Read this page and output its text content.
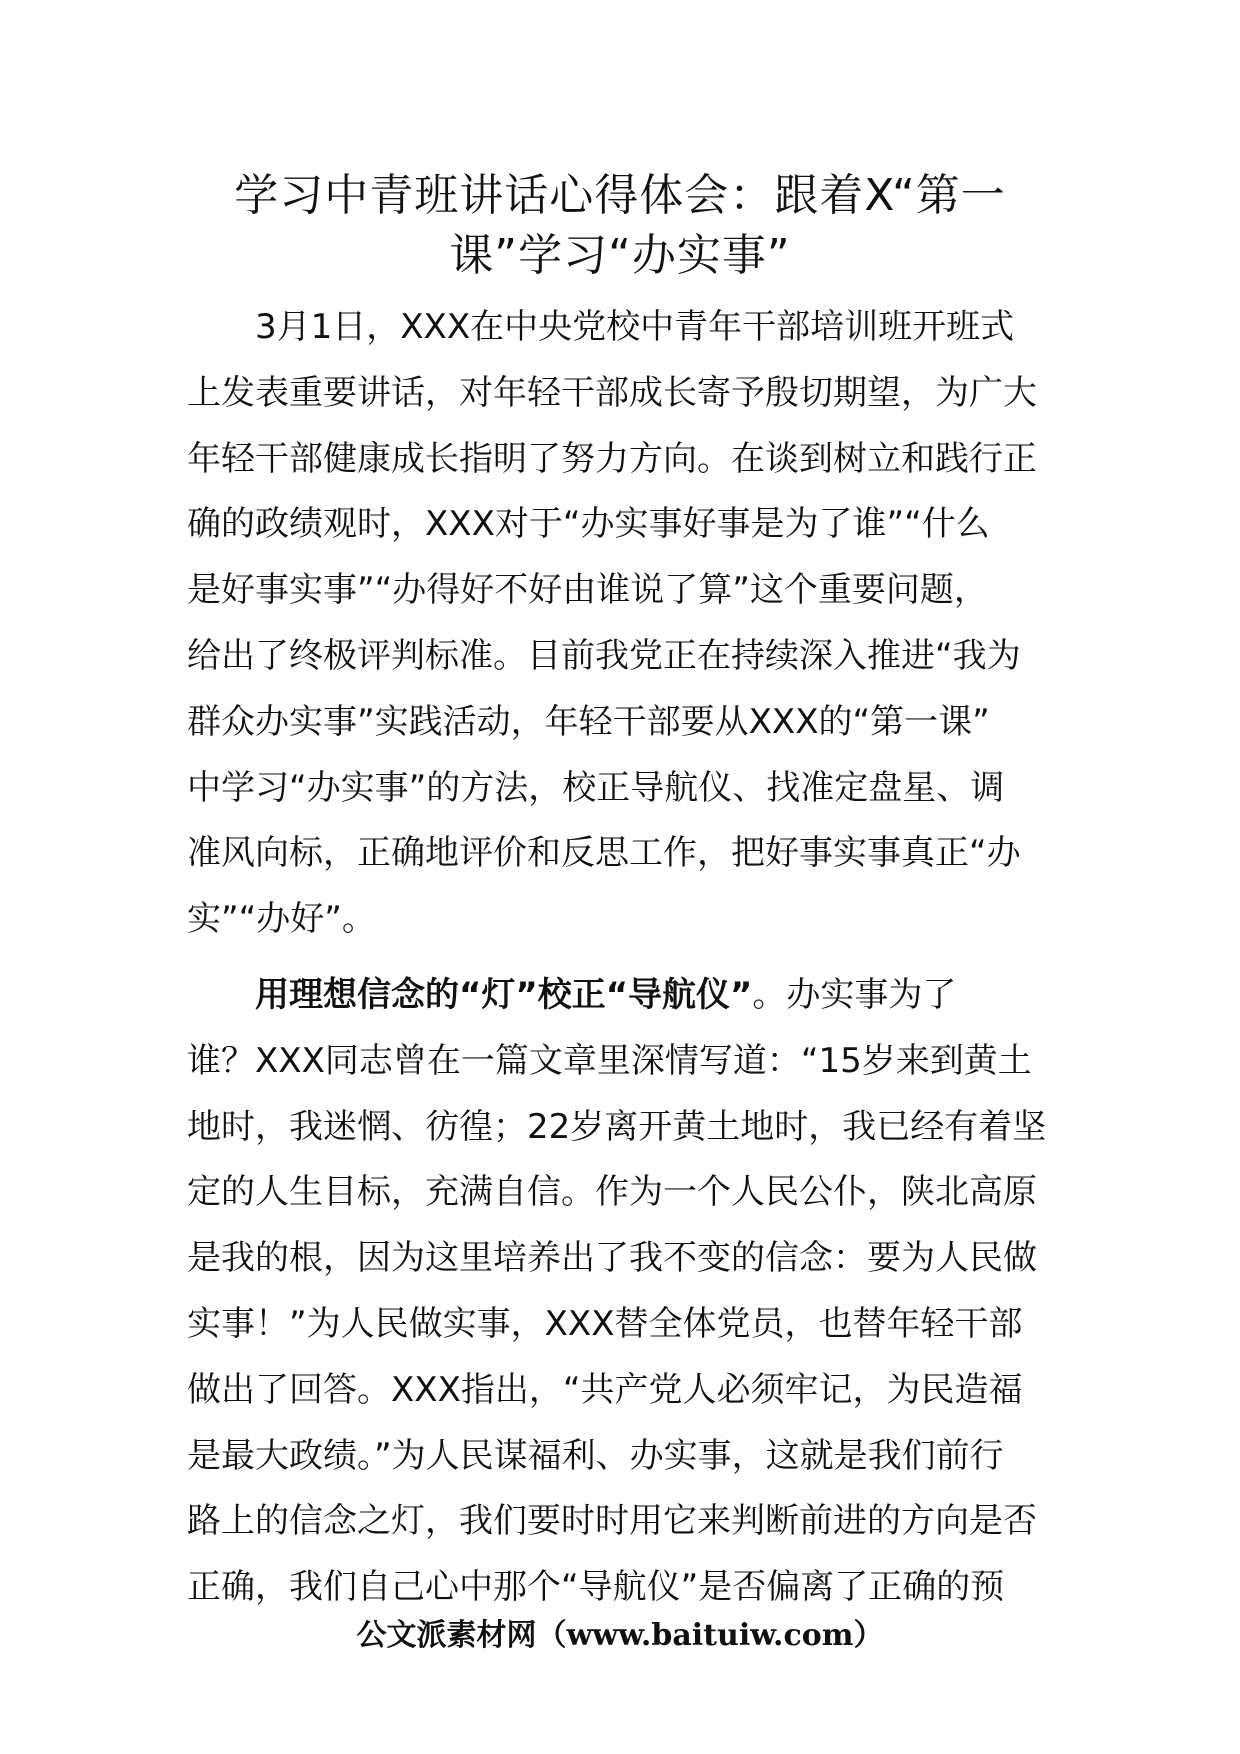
学习中青班讲话心得体会：跟着X“第一
课”学习“办实事”
3月1日，XXX在中央党校中青年干部培训班开班式
上发表重要讲话，对年轻干部成长寄予殷切期望，为广大
年轻干部健康成长指明了努力方向。在谈到树立和践行正
确的政绩观时，XXX对于“办实事好事是为了谁”“什么
是好事实事”“办得好不好由谁说了算”这个重要问题，
给出了终极评判标准。目前我党正在持续深入推进“我为
群众办实事”实践活动，年轻干部要从XXX的“第一课”
中学习“办实事”的方法，校正导航仪、找准定盘星、调
准风向标，正确地评价和反思工作，把好事实事真正“办
实”“办好”。
用理想信念的“灯”校正“导航仪”。办实事为了
谁？XXX同志曾在一篇文章里深情写道：“15岁来到黄土
地时，我迷惘、彷徨；22岁离开黄土地时，我已经有着坚
定的人生目标，充满自信。作为一个人民公仆，陕北高原
是我的根，因为这里培养出了我不变的信念：要为人民做
实事！”为人民做实事，XXX替全体党员，也替年轻干部
做出了回答。XXX指出，“共产党人必须牢记，为民造福
是最大政绩。”为人民谋福利、办实事，这就是我们前行
路上的信念之灯，我们要时时用它来判断前进的方向是否
正确，我们自己心中那个“导航仪”是否偏离了正确的预
公文派素材网（www.baituiw.com）
